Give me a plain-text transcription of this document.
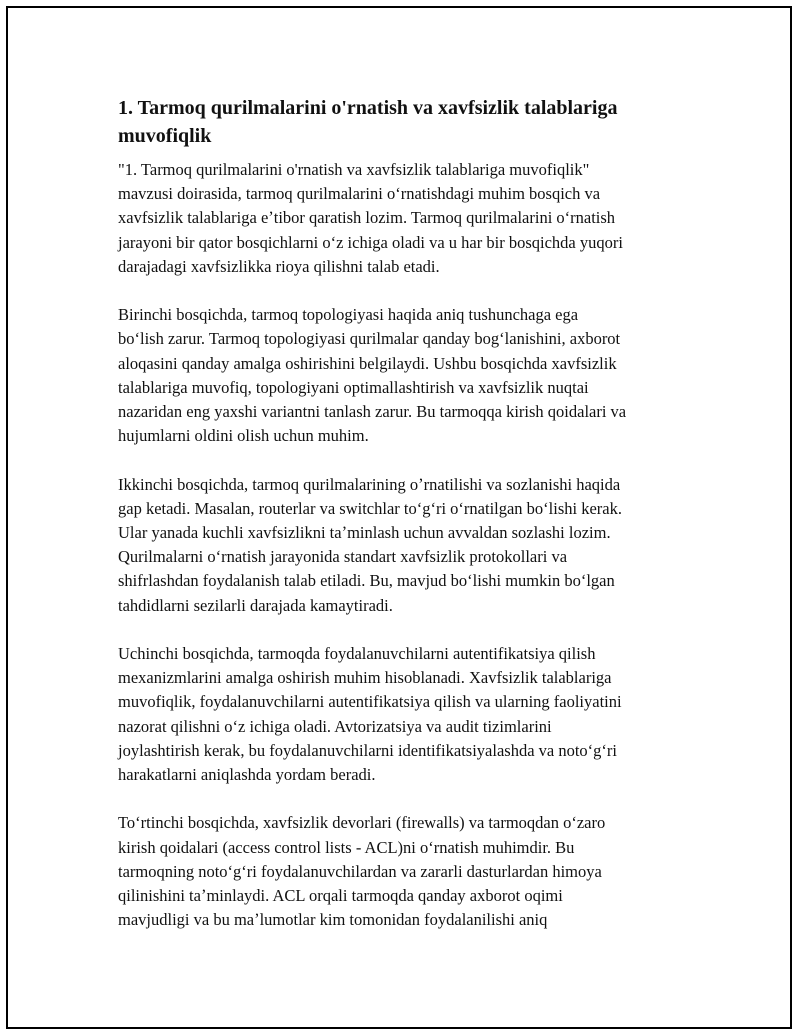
1. Tarmoq qurilmalarini o'rnatish va xavfsizlik talablariga muvofiqlik
"1. Tarmoq qurilmalarini o'rnatish va xavfsizlik talablariga muvofiqlik"
mavzusi doirasida, tarmoq qurilmalarini oʻrnatishdagi muhim bosqich va
xavfsizlik talablariga eʼtibor qaratish lozim. Tarmoq qurilmalarini oʻrnatish
jarayoni bir qator bosqichlarni oʻz ichiga oladi va u har bir bosqichda yuqori
darajadagi xavfsizlikka rioya qilishni talab etadi.
Birinchi bosqichda, tarmoq topologiyasi haqida aniq tushunchaga ega
boʻlish zarur. Tarmoq topologiyasi qurilmalar qanday bogʻlanishini, axborot
aloqasini qanday amalga oshirishini belgilaydi. Ushbu bosqichda xavfsizlik
talablariga muvofiq, topologiyani optimallashtirish va xavfsizlik nuqtai
nazaridan eng yaxshi variantni tanlash zarur. Bu tarmoqqa kirish qoidalari va
hujumlarni oldini olish uchun muhim.
Ikkinchi bosqichda, tarmoq qurilmalarining oʼrnatilishi va sozlanishi haqida
gap ketadi. Masalan, routerlar va switchlar toʻgʻri oʻrnatilgan boʻlishi kerak.
Ular yanada kuchli xavfsizlikni taʼminlash uchun avvaldan sozlashi lozim.
Qurilmalarni oʻrnatish jarayonida standart xavfsizlik protokollari va
shifrlashdan foydalanish talab etiladi. Bu, mavjud boʻlishi mumkin boʻlgan
tahdidlarni sezilarli darajada kamaytiradi.
Uchinchi bosqichda, tarmoqda foydalanuvchilarni autentifikatsiya qilish
mexanizmlarini amalga oshirish muhim hisoblanadi. Xavfsizlik talablariga
muvofiqlik, foydalanuvchilarni autentifikatsiya qilish va ularning faoliyatini
nazorat qilishni oʻz ichiga oladi. Avtorizatsiya va audit tizimlarini
joylashtirish kerak, bu foydalanuvchilarni identifikatsiyalashda va notoʻgʻri
harakatlarni aniqlashda yordam beradi.
Toʻrtinchi bosqichda, xavfsizlik devorlari (firewalls) va tarmoqdan oʻzaro
kirish qoidalari (access control lists - ACL)ni oʻrnatish muhimdir. Bu
tarmoqning notoʻgʻri foydalanuvchilardan va zararli dasturlardan himoya
qilinishini taʼminlaydi. ACL orqali tarmoqda qanday axborot oqimi
mavjudligi va bu maʼlumotlar kim tomonidan foydalanilishi aniq
